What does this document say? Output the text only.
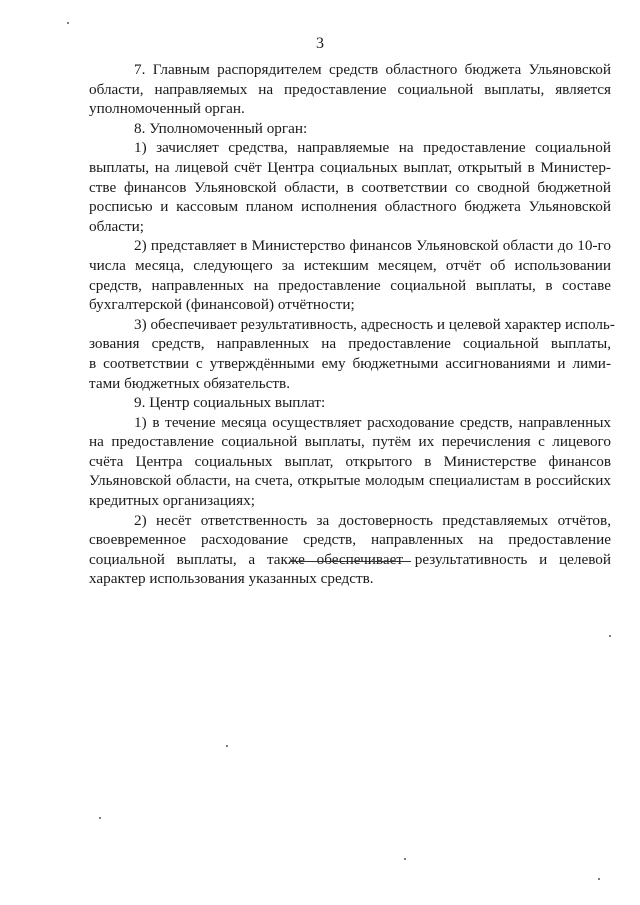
3
7. Главным распорядителем средств областного бюджета Ульяновской
области, направляемых на предоставление социальной выплаты, является
уполномоченный орган.
8. Уполномоченный орган:
1) зачисляет средства, направляемые на предоставление социальной
выплаты, на лицевой счёт Центра социальных выплат, открытый в Министер-
стве финансов Ульяновской области, в соответствии со сводной бюджетной
росписью и кассовым планом исполнения областного бюджета Ульяновской
области;
2) представляет в Министерство финансов Ульяновской области до 10-го
числа месяца, следующего за истекшим месяцем, отчёт об использовании
средств, направленных на предоставление социальной выплаты, в составе
бухгалтерской (финансовой) отчётности;
3) обеспечивает результативность, адресность и целевой характер исполь-
зования средств, направленных на предоставление социальной выплаты,
в соответствии с утверждёнными ему бюджетными ассигнованиями и лими-
тами бюджетных обязательств.
9. Центр социальных выплат:
1) в течение месяца осуществляет расходование средств, направленных
на предоставление социальной выплаты, путём их перечисления с лицевого
счёта Центра социальных выплат, открытого в Министерстве финансов
Ульяновской области, на счета, открытые молодым специалистам в российских
кредитных организациях;
2) несёт ответственность за достоверность представляемых отчётов,
своевременное расходование средств, направленных на предоставление
социальной выплаты, а также обеспечивает результативность и целевой
характер использования указанных средств.
